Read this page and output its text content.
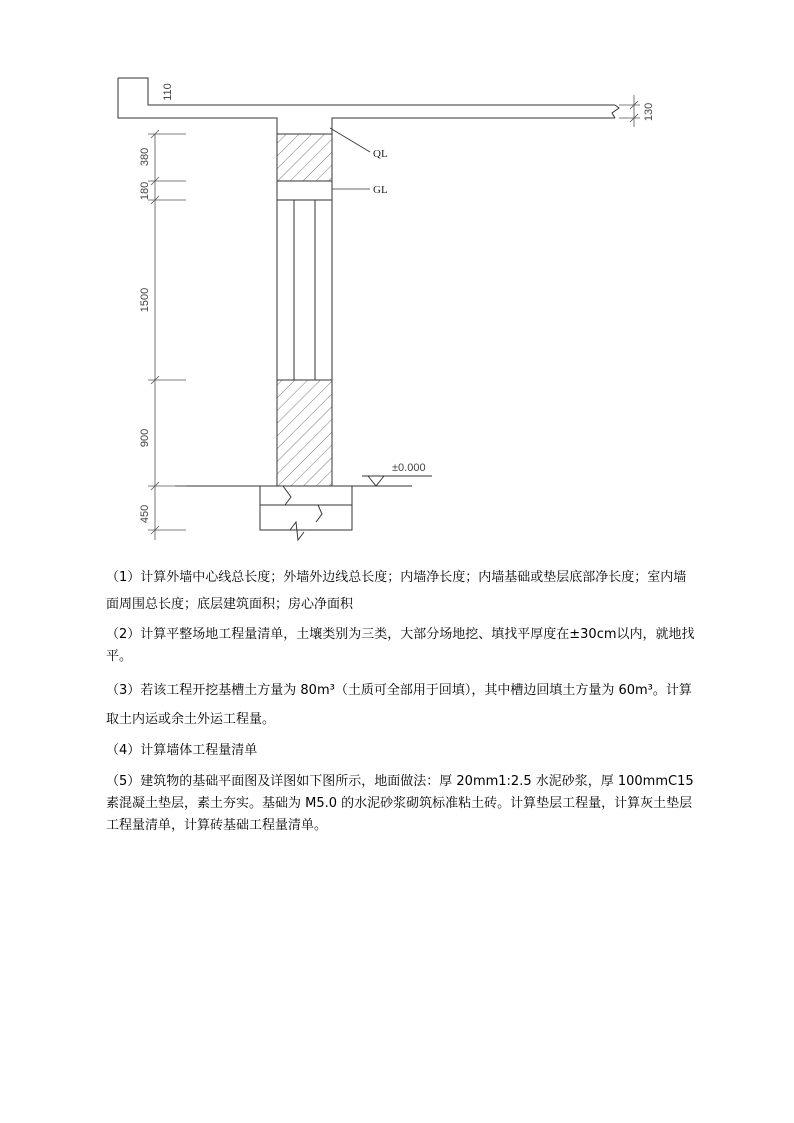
130
110
±0.000
380
180
1500
900
450
QL
GL

（1）计算外墙中心线总长度；外墙外边线总长度；内墙净长度；内墙基础或垫层底部净长度；室内墙面周围总长度；底层建筑面积；房心净面积

（2）计算平整场地工程量清单，土壤类别为三类，大部分场地挖、填找平厚度在±30cm以内，就地找平。

（3）若该工程开挖基槽土方量为 80m³（土质可全部用于回填），其中槽边回填土方量为 60m³。计算取土内运或余土外运工程量。

（4）计算墙体工程量清单

（5）建筑物的基础平面图及详图如下图所示，地面做法：厚 20mm1:2.5 水泥砂浆，厚 100mmC15 素混凝土垫层，素土夯实。基础为 M5.0 的水泥砂浆砌筑标准粘土砖。计算垫层工程量，计算灰土垫层工程量清单，计算砖基础工程量清单。
